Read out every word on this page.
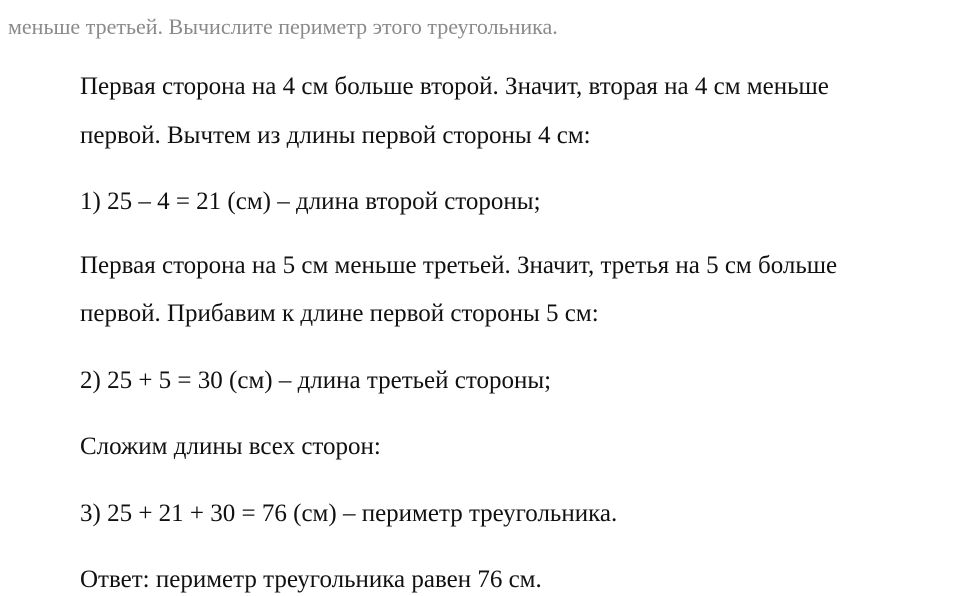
меньше третьей. Вычислите периметр этого треугольника.
Первая сторона на 4 см больше второй. Значит, вторая на 4 см меньше
первой. Вычтем из длины первой стороны 4 см:
1) 25 – 4 = 21 (см) – длина второй стороны;
Первая сторона на 5 см меньше третьей. Значит, третья на 5 см больше
первой. Прибавим к длине первой стороны 5 см:
2) 25 + 5 = 30 (см) – длина третьей стороны;
Сложим длины всех сторон:
3) 25 + 21 + 30 = 76 (см) – периметр треугольника.
Ответ: периметр треугольника равен 76 см.
